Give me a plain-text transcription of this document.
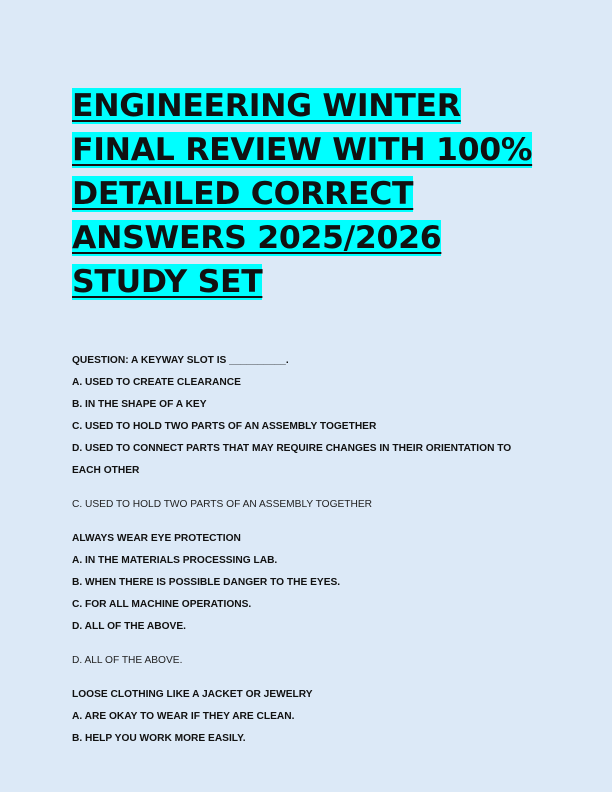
ENGINEERING WINTER FINAL REVIEW WITH 100% DETAILED CORRECT ANSWERS 2025/2026 STUDY SET

QUESTION: A KEYWAY SLOT IS __________.

A. USED TO CREATE CLEARANCE

B. IN THE SHAPE OF A KEY

C. USED TO HOLD TWO PARTS OF AN ASSEMBLY TOGETHER

D. USED TO CONNECT PARTS THAT MAY REQUIRE CHANGES IN THEIR ORIENTATION TO EACH OTHER

C. USED TO HOLD TWO PARTS OF AN ASSEMBLY TOGETHER

ALWAYS WEAR EYE PROTECTION

A. IN THE MATERIALS PROCESSING LAB.

B. WHEN THERE IS POSSIBLE DANGER TO THE EYES.

C. FOR ALL MACHINE OPERATIONS.

D. ALL OF THE ABOVE.

D. ALL OF THE ABOVE.

LOOSE CLOTHING LIKE A JACKET OR JEWELRY

A. ARE OKAY TO WEAR IF THEY ARE CLEAN.

B. HELP YOU WORK MORE EASILY.
